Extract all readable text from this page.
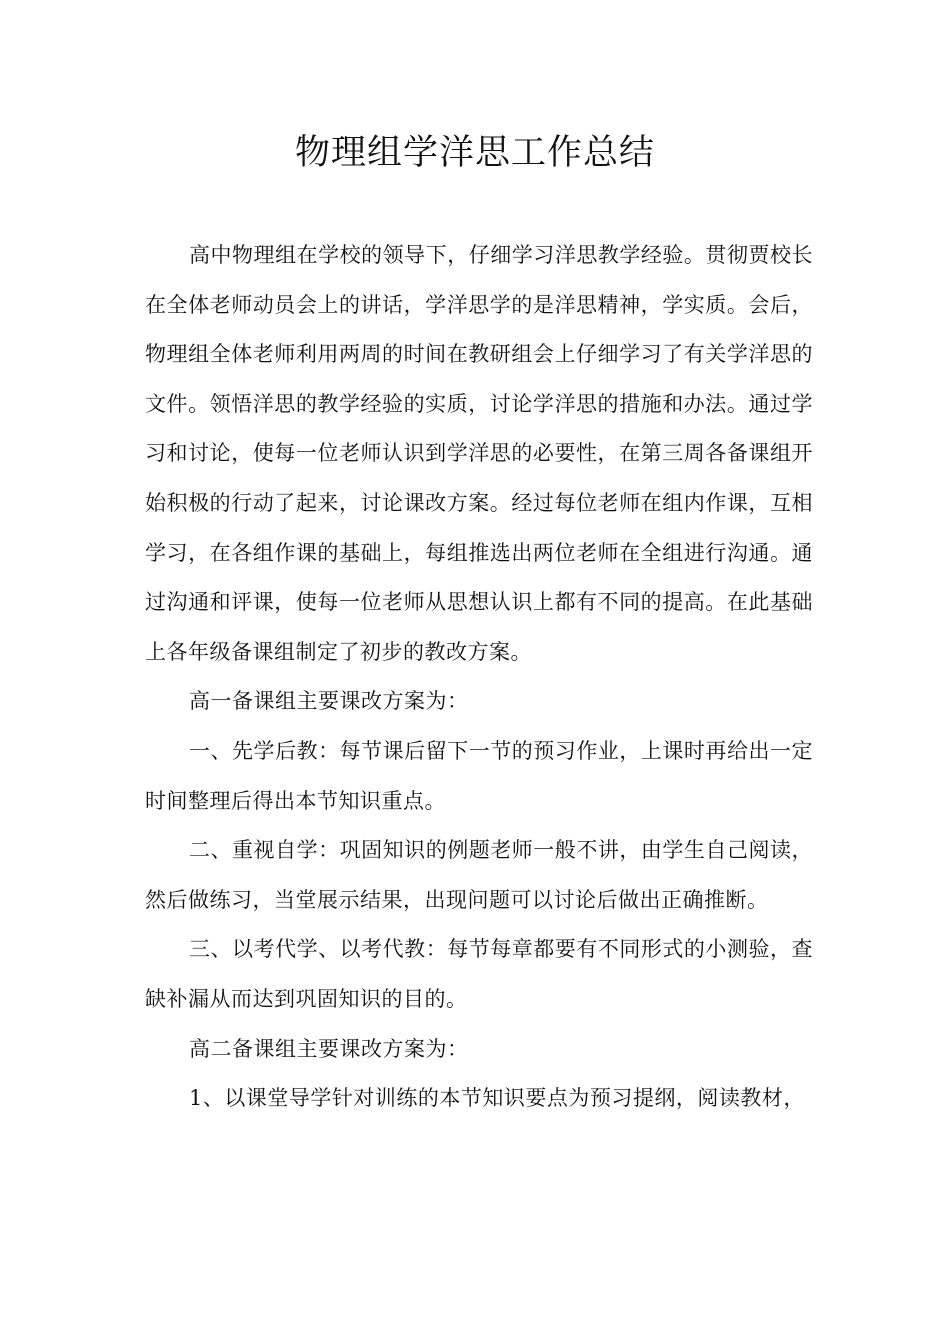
物理组学洋思工作总结

高中物理组在学校的领导下，仔细学习洋思教学经验。贯彻贾校长在全体老师动员会上的讲话，学洋思学的是洋思精神，学实质。会后，物理组全体老师利用两周的时间在教研组会上仔细学习了有关学洋思的文件。领悟洋思的教学经验的实质，讨论学洋思的措施和办法。通过学习和讨论，使每一位老师认识到学洋思的必要性，在第三周各备课组开始积极的行动了起来，讨论课改方案。经过每位老师在组内作课，互相学习，在各组作课的基础上，每组推选出两位老师在全组进行沟通。通过沟通和评课，使每一位老师从思想认识上都有不同的提高。在此基础上各年级备课组制定了初步的教改方案。

高一备课组主要课改方案为：

一、先学后教：每节课后留下一节的预习作业，上课时再给出一定时间整理后得出本节知识重点。

二、重视自学：巩固知识的例题老师一般不讲，由学生自己阅读，然后做练习，当堂展示结果，出现问题可以讨论后做出正确推断。

三、以考代学、以考代教：每节每章都要有不同形式的小测验，查缺补漏从而达到巩固知识的目的。

高二备课组主要课改方案为：

1、以课堂导学针对训练的本节知识要点为预习提纲，阅读教材，
